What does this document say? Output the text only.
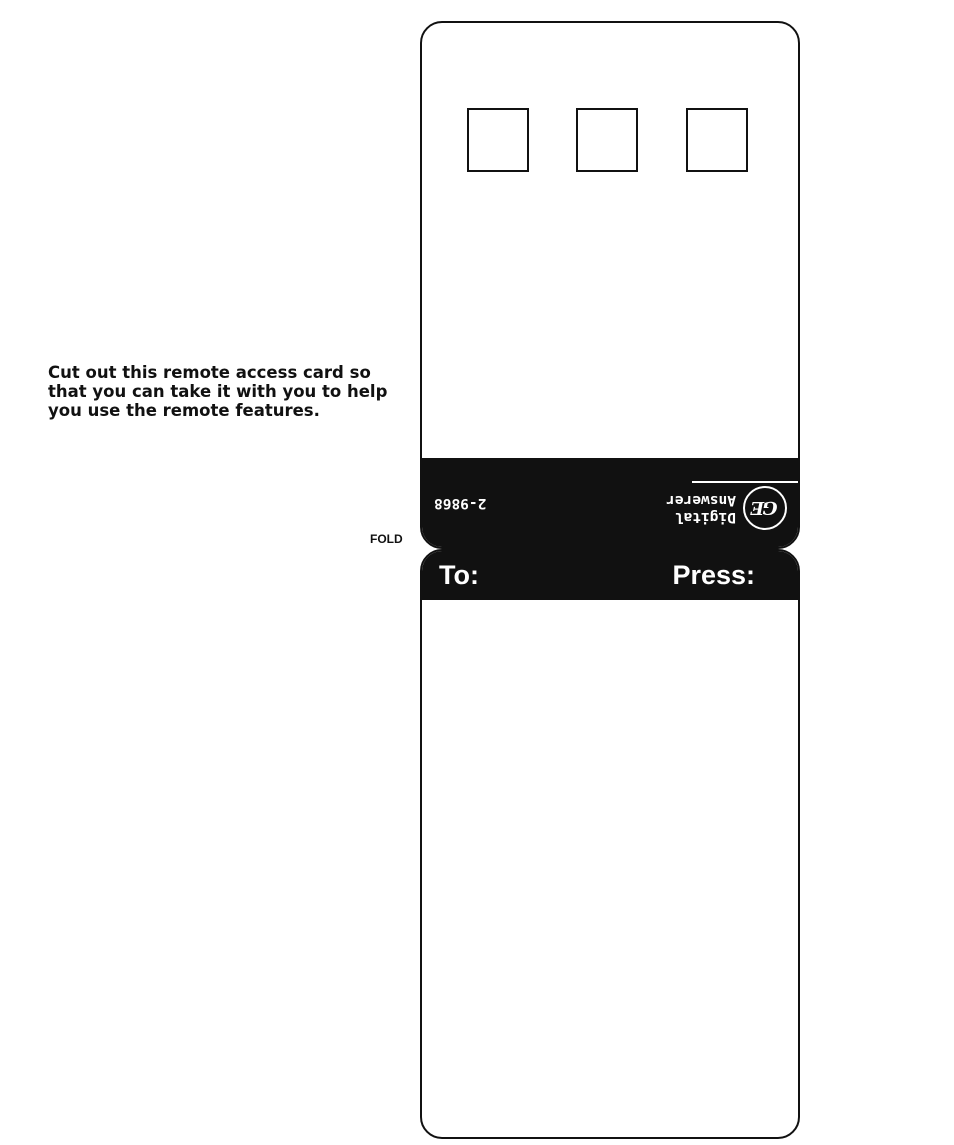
Cut out this remote access card so
that you can take it with you to help
you use the remote features.
FOLD
GE
Digital
Answerer
2-9868
To:	Press:
